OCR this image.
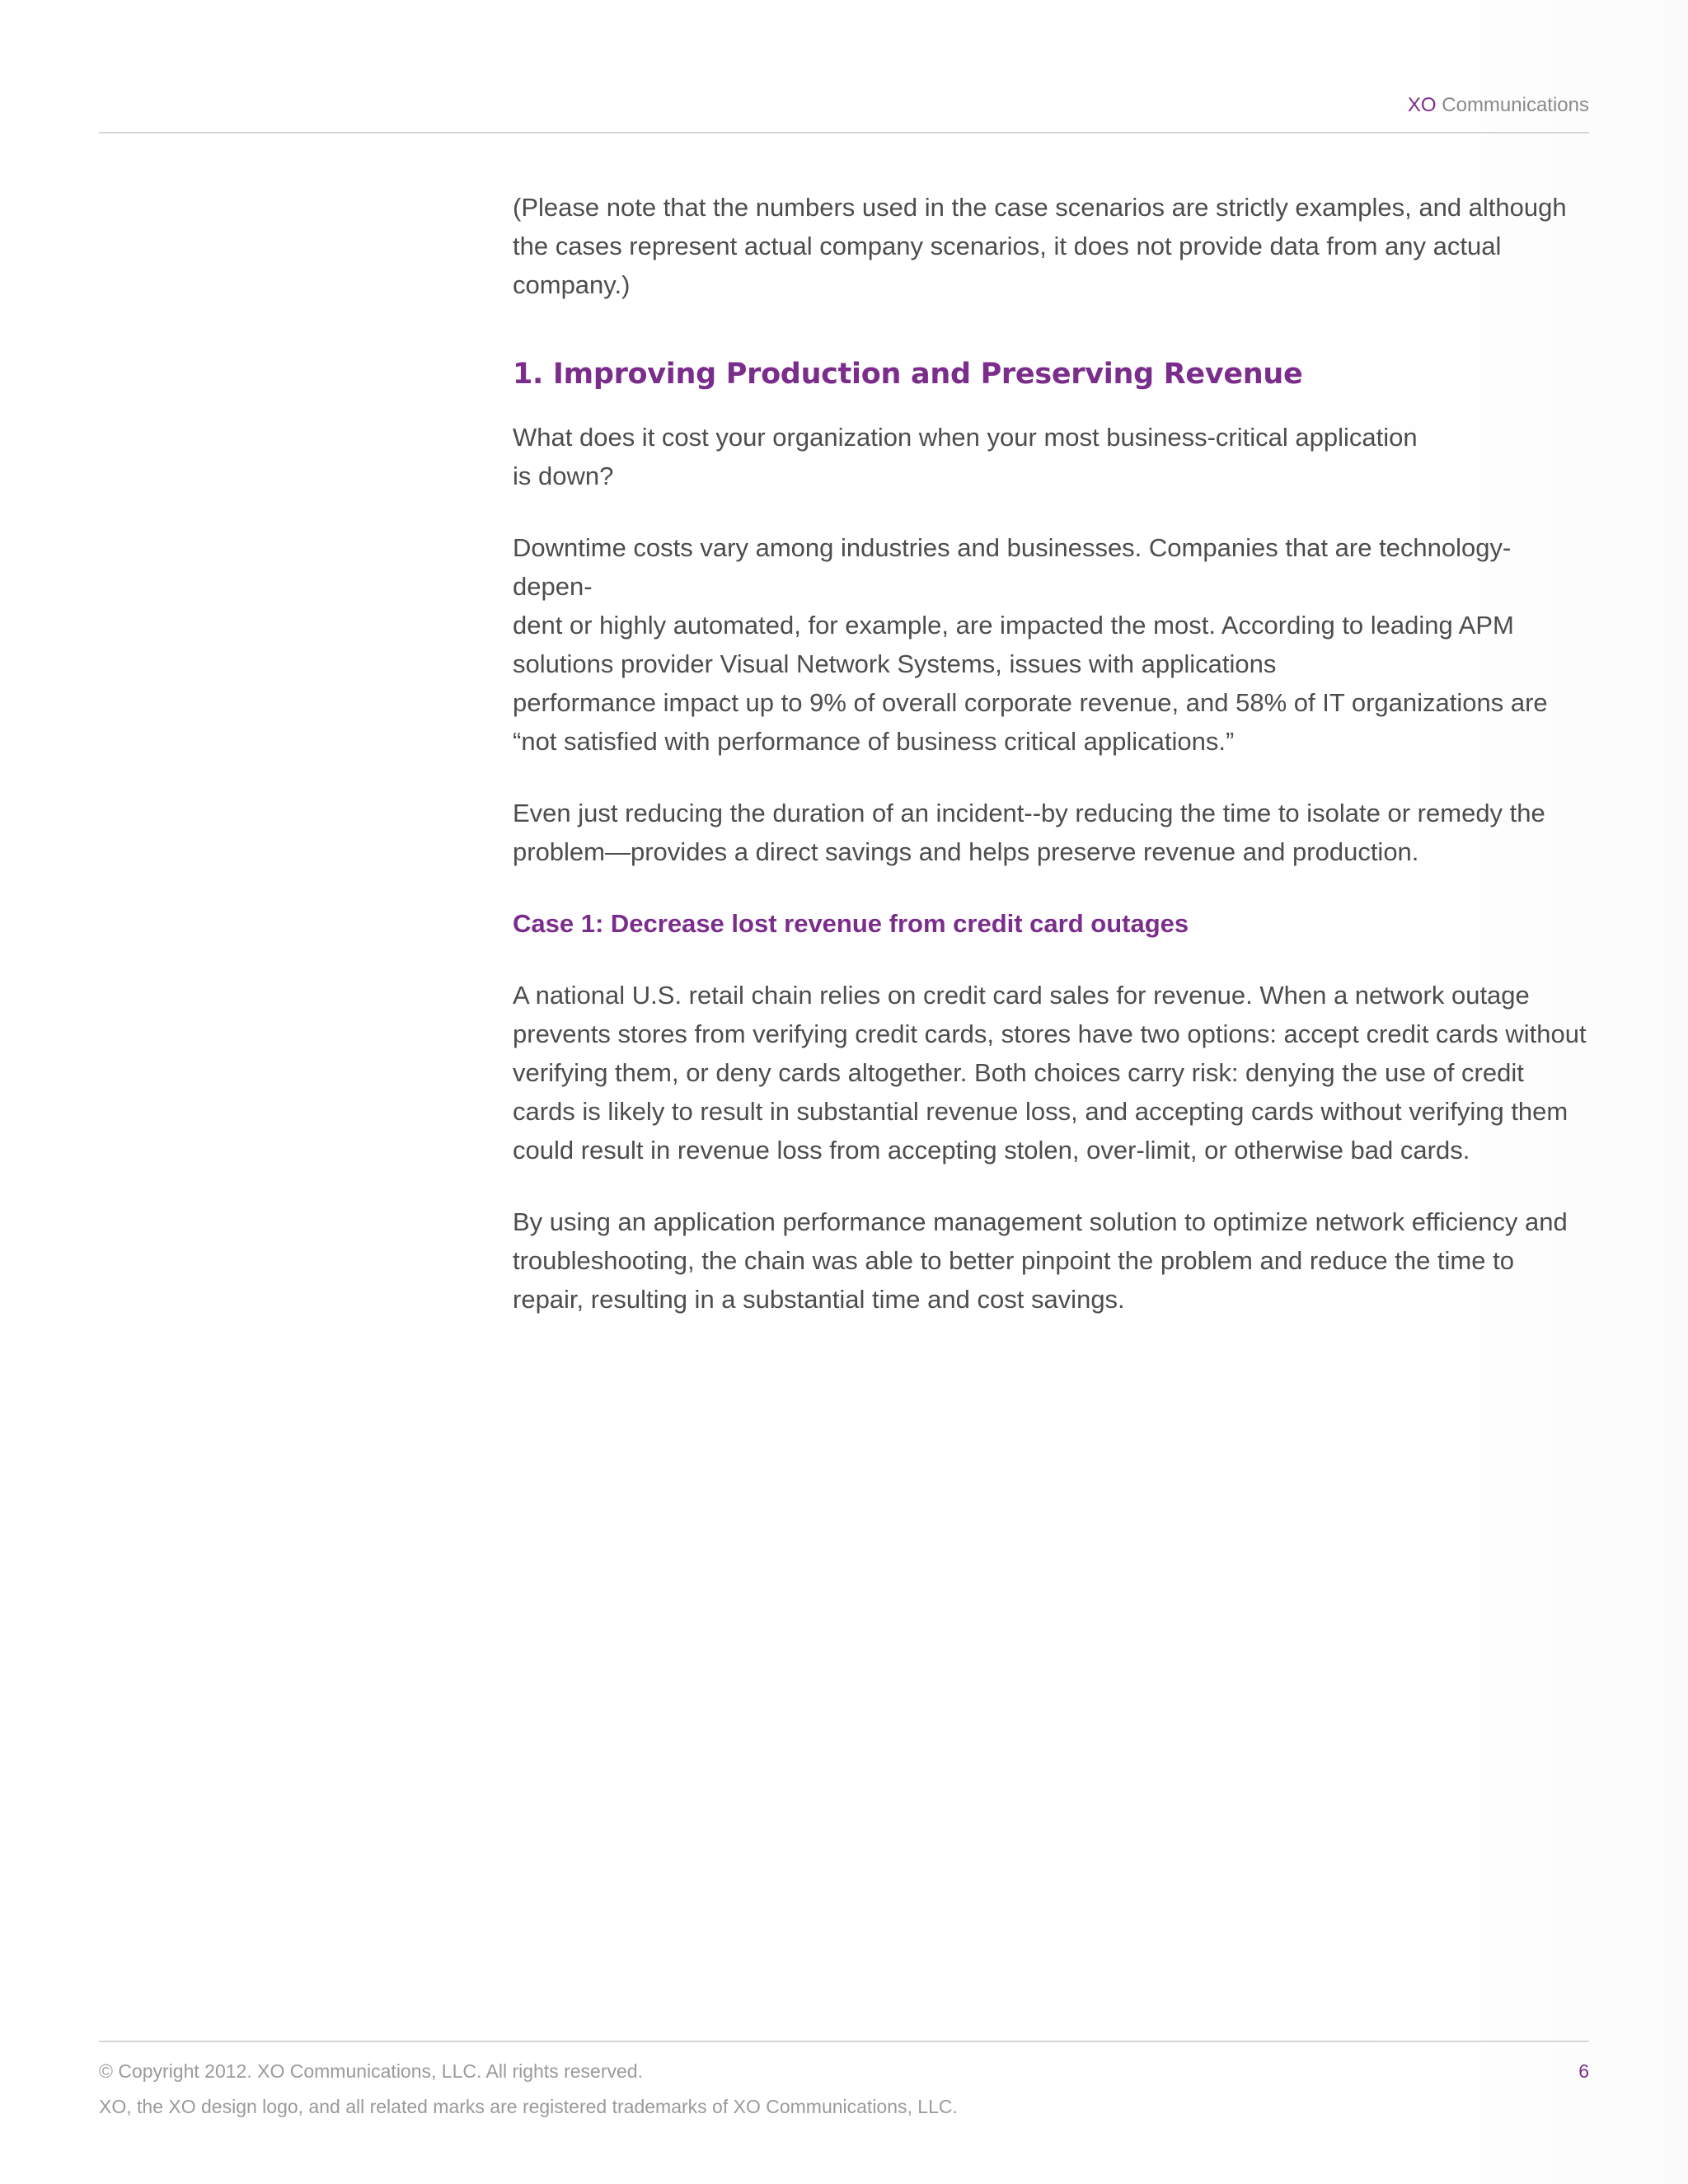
XO Communications

(Please note that the numbers used in the case scenarios are strictly examples, and although the cases represent actual company scenarios, it does not provide data from any actual company.)

1. Improving Production and Preserving Revenue

What does it cost your organization when your most business-critical application
is down?

Downtime costs vary among industries and businesses. Companies that are technology-depen-
dent or highly automated, for example, are impacted the most. According to leading APM
solutions provider Visual Network Systems, issues with applications
performance impact up to 9% of overall corporate revenue, and 58% of IT organizations are
“not satisfied with performance of business critical applications.”

Even just reducing the duration of an incident--by reducing the time to isolate or remedy the problem—provides a direct savings and helps preserve revenue and production.

Case 1: Decrease lost revenue from credit card outages

A national U.S. retail chain relies on credit card sales for revenue. When a network outage prevents stores from verifying credit cards, stores have two options: accept credit cards without verifying them, or deny cards altogether. Both choices carry risk: denying the use of credit cards is likely to result in substantial revenue loss, and accepting cards without verifying them could result in revenue loss from accepting stolen, over-limit, or otherwise bad cards.

By using an application performance management solution to optimize network efficiency and troubleshooting, the chain was able to better pinpoint the problem and reduce the time to repair, resulting in a substantial time and cost savings.

© Copyright 2012. XO Communications, LLC. All rights reserved.	6
XO, the XO design logo, and all related marks are registered trademarks of XO Communications, LLC.
